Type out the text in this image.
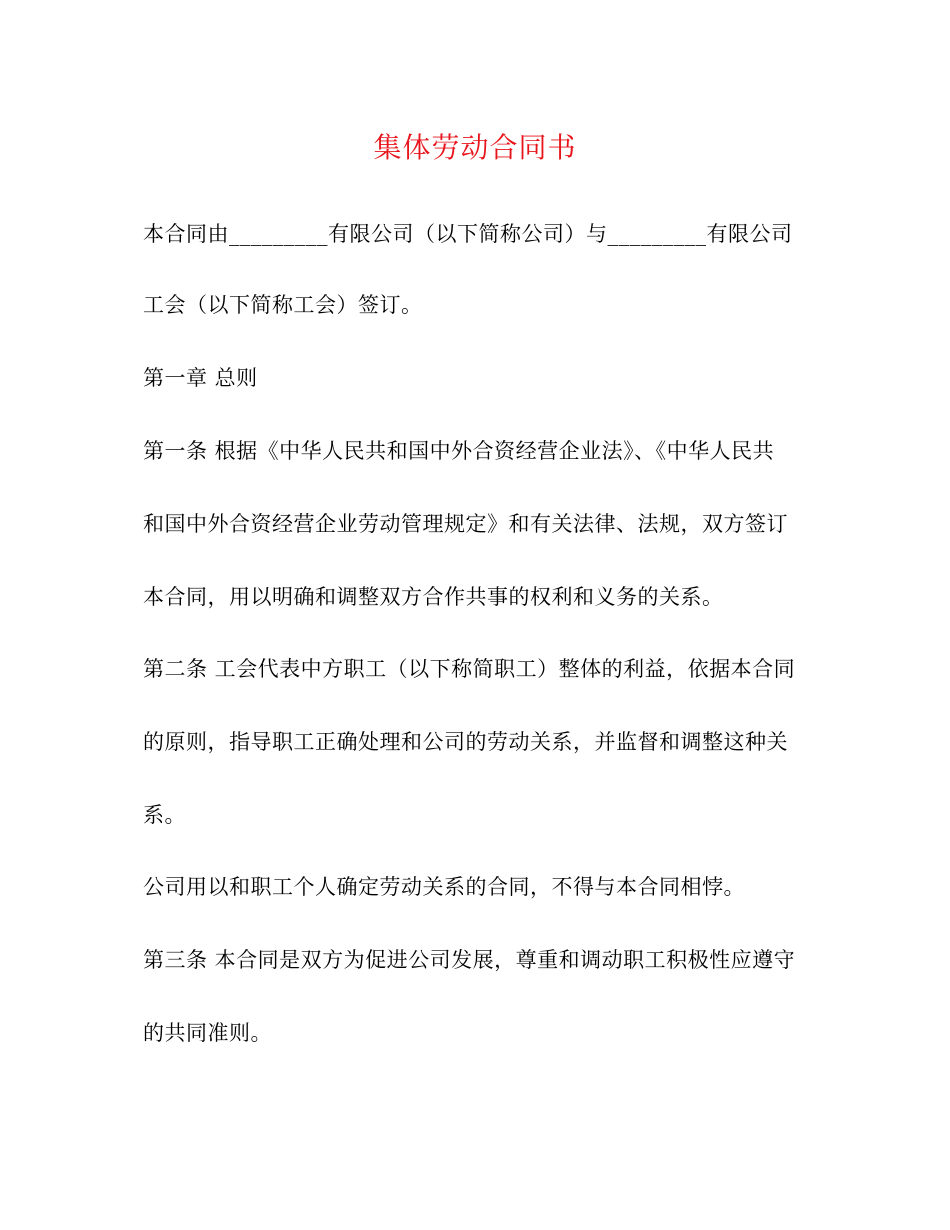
集体劳动合同书
本合同由_________有限公司（以下简称公司）与_________有限公司
工会（以下简称工会）签订。
第一章 总则
第一条 根据《中华人民共和国中外合资经营企业法》、《中华人民共
和国中外合资经营企业劳动管理规定》和有关法律、法规，双方签订
本合同，用以明确和调整双方合作共事的权利和义务的关系。
第二条 工会代表中方职工（以下称简职工）整体的利益，依据本合同
的原则，指导职工正确处理和公司的劳动关系，并监督和调整这种关
系。
公司用以和职工个人确定劳动关系的合同，不得与本合同相悖。
第三条 本合同是双方为促进公司发展，尊重和调动职工积极性应遵守
的共同准则。
